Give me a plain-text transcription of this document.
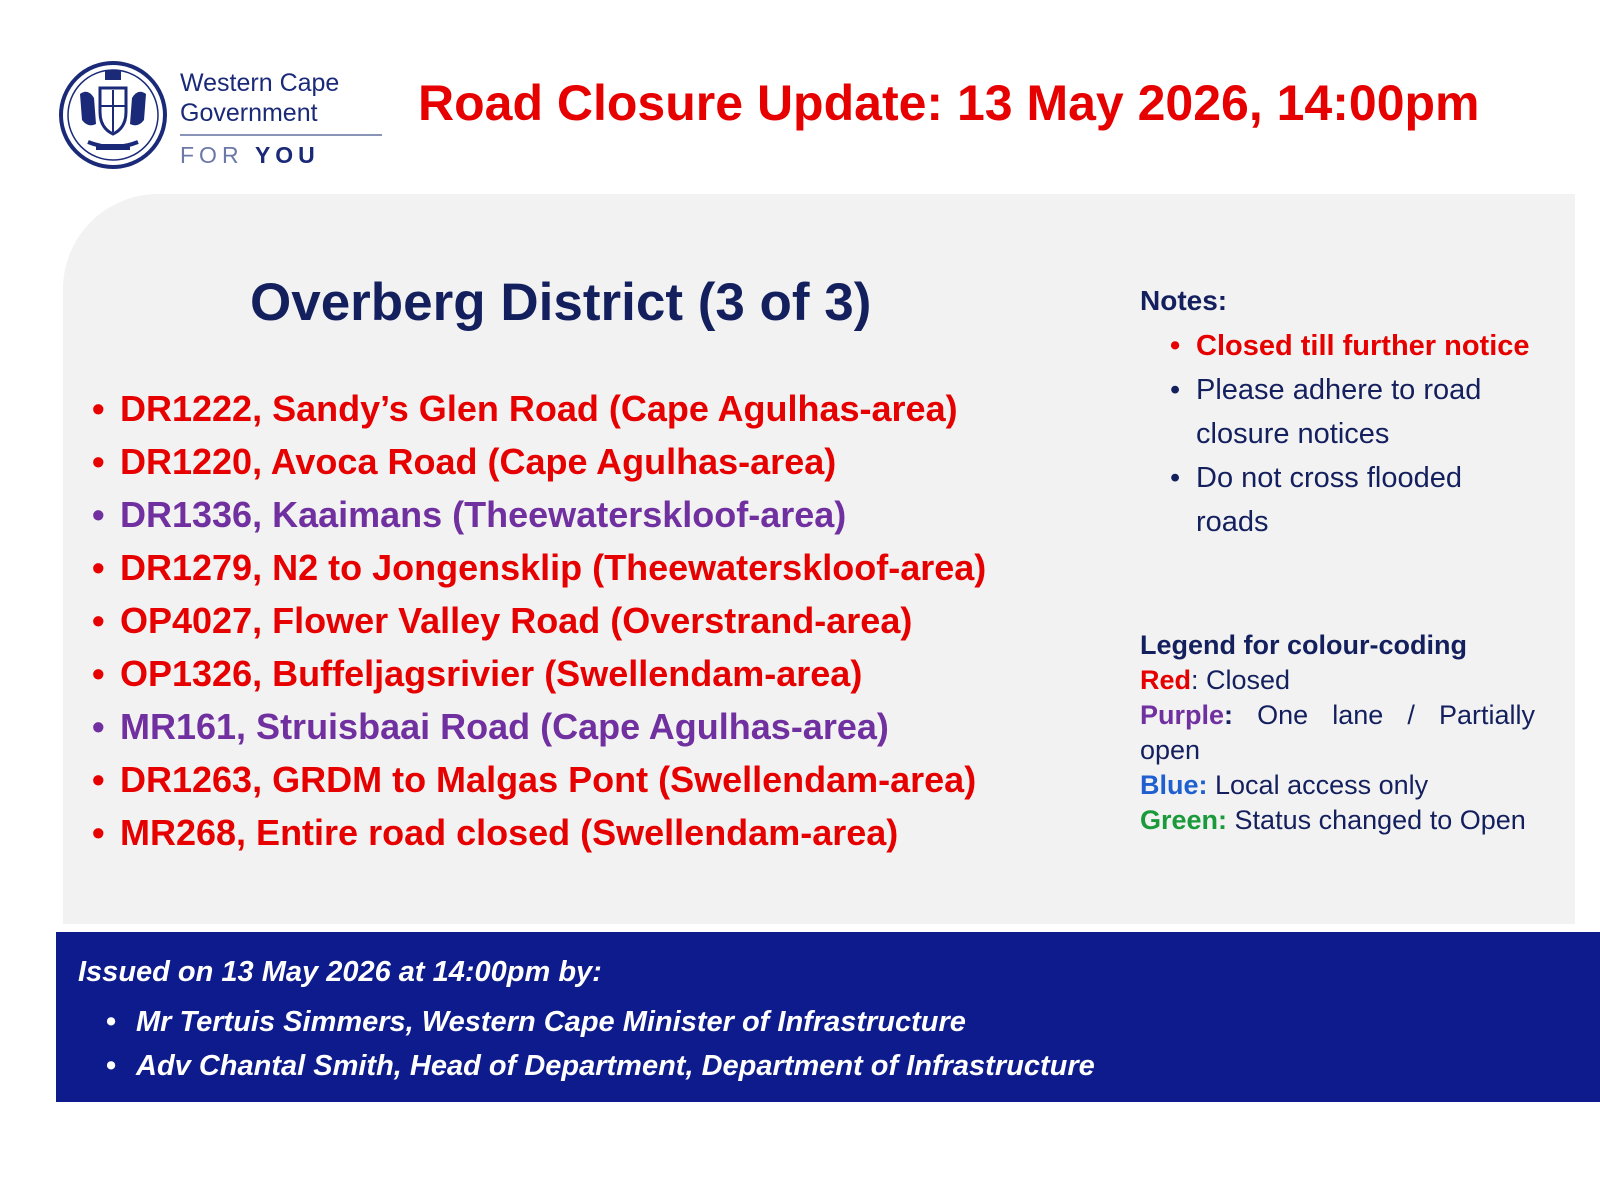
Western Cape
Government
FOR YOU
Road Closure Update: 13 May 2026, 14:00pm
Overberg District (3 of 3)
• DR1222, Sandy’s Glen Road (Cape Agulhas-area)
• DR1220, Avoca Road (Cape Agulhas-area)
• DR1336, Kaaimans (Theewaterskloof-area)
• DR1279, N2 to Jongensklip (Theewaterskloof-area)
• OP4027, Flower Valley Road (Overstrand-area)
• OP1326, Buffeljagsrivier (Swellendam-area)
• MR161, Struisbaai Road (Cape Agulhas-area)
• DR1263, GRDM to Malgas Pont (Swellendam-area)
• MR268, Entire road closed (Swellendam-area)
Notes:
• Closed till further notice
• Please adhere to road closure notices
• Do not cross flooded roads
Legend for colour-coding
Red: Closed
Purple: One lane / Partially open
Blue: Local access only
Green: Status changed to Open
Issued on 13 May 2026 at 14:00pm by:
• Mr Tertuis Simmers, Western Cape Minister of Infrastructure
• Adv Chantal Smith, Head of Department, Department of Infrastructure
